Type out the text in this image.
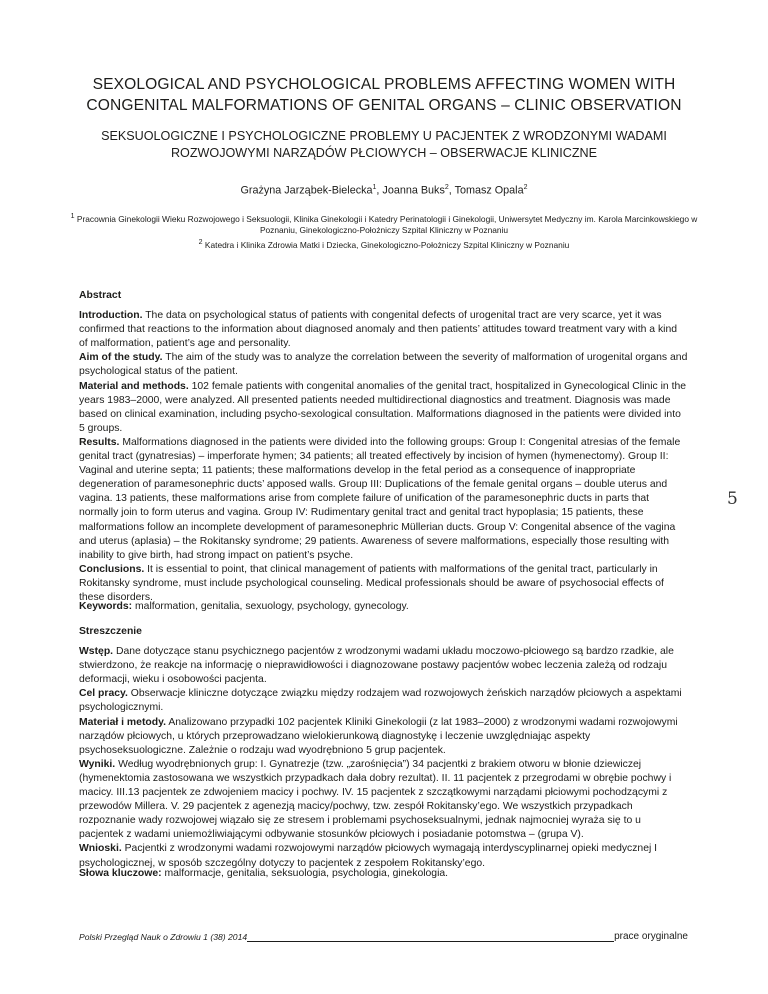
SEXOLOGICAL AND PSYCHOLOGICAL PROBLEMS AFFECTING WOMEN WITH CONGENITAL MALFORMATIONS OF GENITAL ORGANS – CLINIC OBSERVATION
SEKSUOLOGICZNE I PSYCHOLOGICZNE PROBLEMY U PACJENTEK Z WRODZONYMI WADAMI ROZWOJOWYMI NARZĄDÓW PŁCIOWYCH – OBSERWACJE KLINICZNE
Grażyna Jarząbek-Bielecka$^1$, Joanna Buks$^2$, Tomasz Opala$^2$
$^1$ Pracownia Ginekologii Wieku Rozwojowego i Seksuologii, Klinika Ginekologii i Katedry Perinatologii i Ginekologii, Uniwersytet Medyczny im. Karola Marcinkowskiego w Poznaniu, Ginekologiczno-Położniczy Szpital Kliniczny w Poznaniu
$^2$ Katedra i Klinika Zdrowia Matki i Dziecka, Ginekologiczno-Położniczy Szpital Kliniczny w Poznaniu

Abstract

Introduction. The data on psychological status of patients with congenital defects of urogenital tract are very scarce, yet it was confirmed that reactions to the information about diagnosed anomaly and then patients’ attitudes toward treatment vary with a kind of malformation, patient’s age and personality.

Aim of the study. The aim of the study was to analyze the correlation between the severity of malformation of urogenital organs and psychological status of the patient.

Material and methods. 102 female patients with congenital anomalies of the genital tract, hospitalized in Gynecological Clinic in the years 1983–2000, were analyzed. All presented patients needed multidirectional diagnostics and treatment. Diagnosis was made based on clinical examination, including psycho-sexological consultation. Malformations diagnosed in the patients were divided into 5 groups.

Results. Malformations diagnosed in the patients were divided into the following groups: Group I: Congenital atresias of the female genital tract (gynatresias) – imperforate hymen; 34 patients; all treated effectively by incision of hymen (hymenectomy). Group II: Vaginal and uterine septa; 11 patients; these malformations develop in the fetal period as a consequence of inappropriate degeneration of paramesonephric ducts’ apposed walls. Group III: Duplications of the female genital organs – double uterus and vagina. 13 patients, these malformations arise from complete failure of unification of the paramesonephric ducts in parts that normally join to form uterus and vagina. Group IV: Rudimentary genital tract and genital tract hypoplasia; 15 patients, these malformations follow an incomplete development of paramesonephric Müllerian ducts. Group V: Congenital absence of the vagina and uterus (aplasia) – the Rokitansky syndrome; 29 patients. Awareness of severe malformations, especially those resulting with inability to give birth, had strong impact on patient’s psyche.

Conclusions. It is essential to point, that clinical management of patients with malformations of the genital tract, particularly in Rokitansky syndrome, must include psychological counseling. Medical professionals should be aware of psychosocial effects of these disorders.

Keywords: malformation, genitalia, sexuology, psychology, gynecology.

Streszczenie

Wstęp. Dane dotyczące stanu psychicznego pacjentów z wrodzonymi wadami układu moczowo-płciowego są bardzo rzadkie, ale stwierdzono, że reakcje na informację o nieprawidłowości i diagnozowane postawy pacjentów wobec leczenia zależą od rodzaju deformacji, wieku i osobowości pacjenta.

Cel pracy. Obserwacje kliniczne dotyczące związku między rodzajem wad rozwojowych żeńskich narządów płciowych a aspektami psychologicznymi.

Materiał i metody. Analizowano przypadki 102 pacjentek Kliniki Ginekologii (z lat 1983–2000) z wrodzonymi wadami rozwojowymi narządów płciowych, u których przeprowadzano wielokierunkową diagnostykę i leczenie uwzględniając aspekty psychoseksuologiczne. Zależnie o rodzaju wad wyodrębniono 5 grup pacjentek.

Wyniki. Według wyodrębnionych grup: I. Gynatrezje (tzw. „zarośnięcia”) 34 pacjentki z brakiem otworu w błonie dziewiczej (hymenektomia zastosowana we wszystkich przypadkach dała dobry rezultat). II. 11 pacjentek z przegrodami w obrębie pochwy i macicy. III.13 pacjentek ze zdwojeniem macicy i pochwy. IV. 15 pacjentek z szczątkowymi narządami płciowymi pochodzącymi z przewodów Millera. V. 29 pacjentek z agenezją macicy/pochwy, tzw. zespół Rokitansky’ego. We wszystkich przypadkach rozpoznanie wady rozwojowej wiązało się ze stresem i problemami psychoseksualnymi, jednak najmocniej wyraża się to u pacjentek z wadami uniemożliwiającymi odbywanie stosunków płciowych i posiadanie potomstwa – (grupa V).

Wnioski. Pacjentki z wrodzonymi wadami rozwojowymi narządów płciowych wymagają interdyscyplinarnej opieki medycznej I psychologicznej, w sposób szczególny dotyczy to pacjentek z zespołem Rokitansky’ego.

Słowa kluczowe: malformacje, genitalia, seksuologia, psychologia, ginekologia.
5
Polski Przegląd Nauk o Zdrowiu 1 (38) 2014	prace oryginalne
